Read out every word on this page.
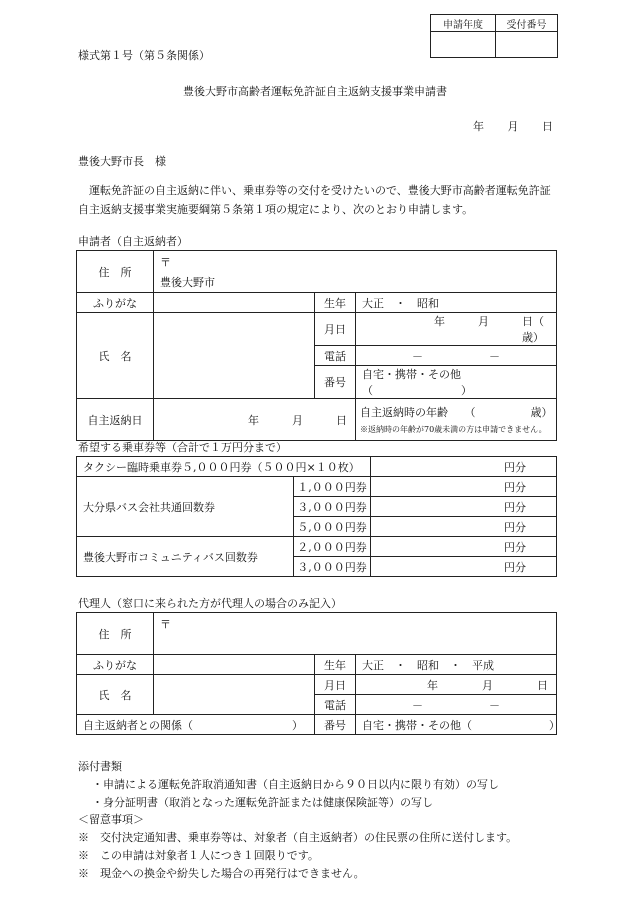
申請年度	受付番号

様式第１号（第５条関係）
豊後大野市高齢者運転免許証自主返納支援事業申請書
年 月 日
豊後大野市長　様
　運転免許証の自主返納に伴い、乗車券等の交付を受けたいので、豊後大野市高齢者運転免許証自主返納支援事業実施要綱第５条第１項の規定により、次のとおり申請します。
申請者（自主返納者）
住　所	〒
豊後大野市		

ふりがな		生年	大正　・　昭和
氏　名		月日	年　　　月　　　日（　　　　　　歳）
		電話	－　　　　　　－
		番号	自宅・携帯・その他（　　　　　　　　）
自主返納日	年　　　月　　　日		自主返納時の年齢　　（　　　　　歳）
※返納時の年齢が70歳未満の方は申請できません。
希望する乗車券等（合計で１万円分まで）
タクシー臨時乗車券５,０００円券（５００円×１０枚）		円分
大分県バス会社共通回数券	１,０００円券	円分
	３,０００円券	円分
	５,０００円券	円分
豊後大野市コミュニティバス回数券	２,０００円券	円分
	３,０００円券	円分
代理人（窓口に来られた方が代理人の場合のみ記入）
住　所	〒		

ふりがな		生年	大正　・　昭和　・　平成
氏　名		月日	年　　　　月　　　　日
		電話	－　　　　　　－
自主返納者との関係（　　　　　　　　　）		番号	自宅・携帯・その他（　　　　　　　）
添付書類
・申請による運転免許取消通知書（自主返納日から９０日以内に限り有効）の写し
・身分証明書（取消となった運転免許証または健康保険証等）の写し
＜留意事項＞
※　交付決定通知書、乗車券等は、対象者（自主返納者）の住民票の住所に送付します。
※　この申請は対象者１人につき１回限りです。
※　現金への換金や紛失した場合の再発行はできません。
